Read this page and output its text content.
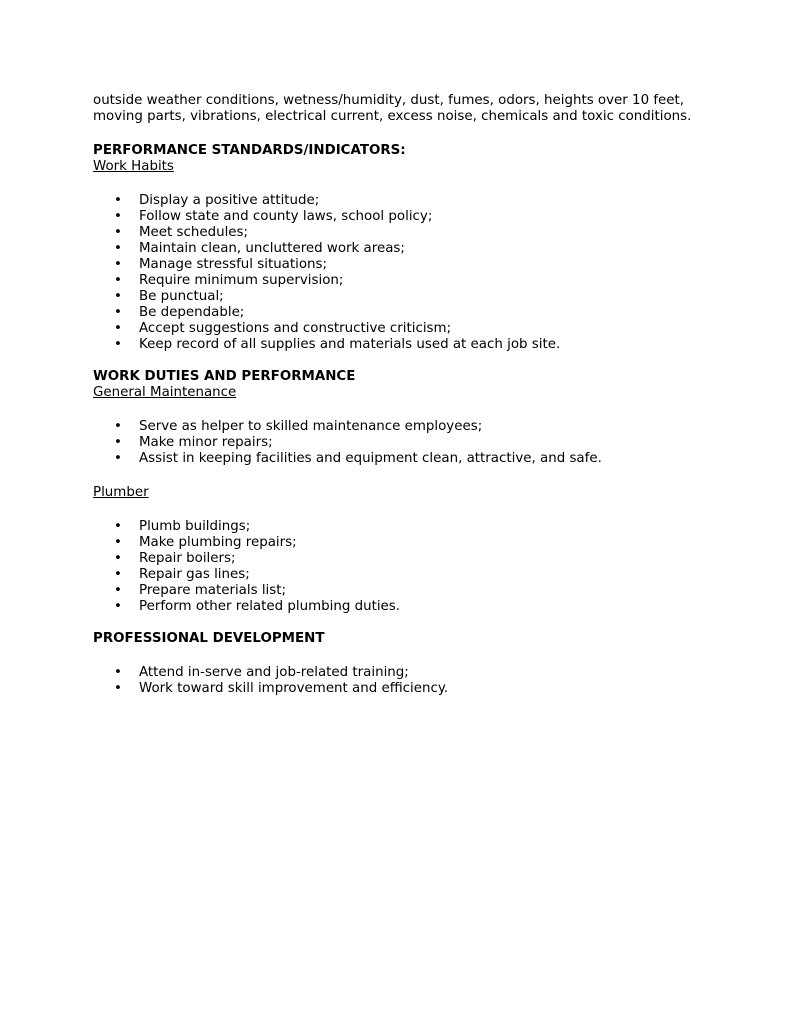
outside weather conditions, wetness/humidity, dust, fumes, odors, heights over 10 feet,

moving parts, vibrations, electrical current, excess noise, chemicals and toxic conditions.

PERFORMANCE STANDARDS/INDICATORS:

Work Habits

• Display a positive attitude;
• Follow state and county laws, school policy;
• Meet schedules;
• Maintain clean, uncluttered work areas;
• Manage stressful situations;
• Require minimum supervision;
• Be punctual;
• Be dependable;
• Accept suggestions and constructive criticism;
• Keep record of all supplies and materials used at each job site.

WORK DUTIES AND PERFORMANCE

General Maintenance

• Serve as helper to skilled maintenance employees;
• Make minor repairs;
• Assist in keeping facilities and equipment clean, attractive, and safe.

Plumber

• Plumb buildings;
• Make plumbing repairs;
• Repair boilers;
• Repair gas lines;
• Prepare materials list;
• Perform other related plumbing duties.

PROFESSIONAL DEVELOPMENT

• Attend in-serve and job-related training;
• Work toward skill improvement and efficiency.
